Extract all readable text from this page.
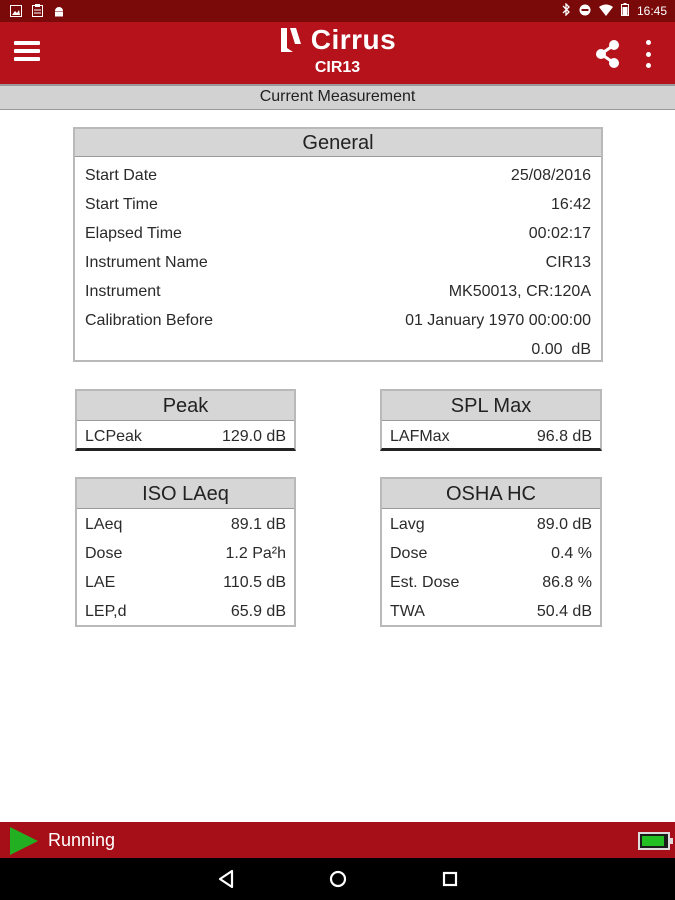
16:45
Cirrus
CIR13
Current Measurement
General
Start Date	25/08/2016
Start Time	16:42
Elapsed Time	00:02:17
Instrument Name	CIR13
Instrument	MK50013, CR:120A
Calibration Before	01 January 1970 00:00:00
0.00  dB
Peak
LCPeak	129.0 dB
SPL Max
LAFMax	96.8 dB
ISO LAeq
LAeq	89.1 dB
Dose	1.2 Pa²h
LAE	110.5 dB
LEP,d	65.9 dB
OSHA HC
Lavg	89.0 dB
Dose	0.4 %
Est. Dose	86.8 %
TWA	50.4 dB
Running
